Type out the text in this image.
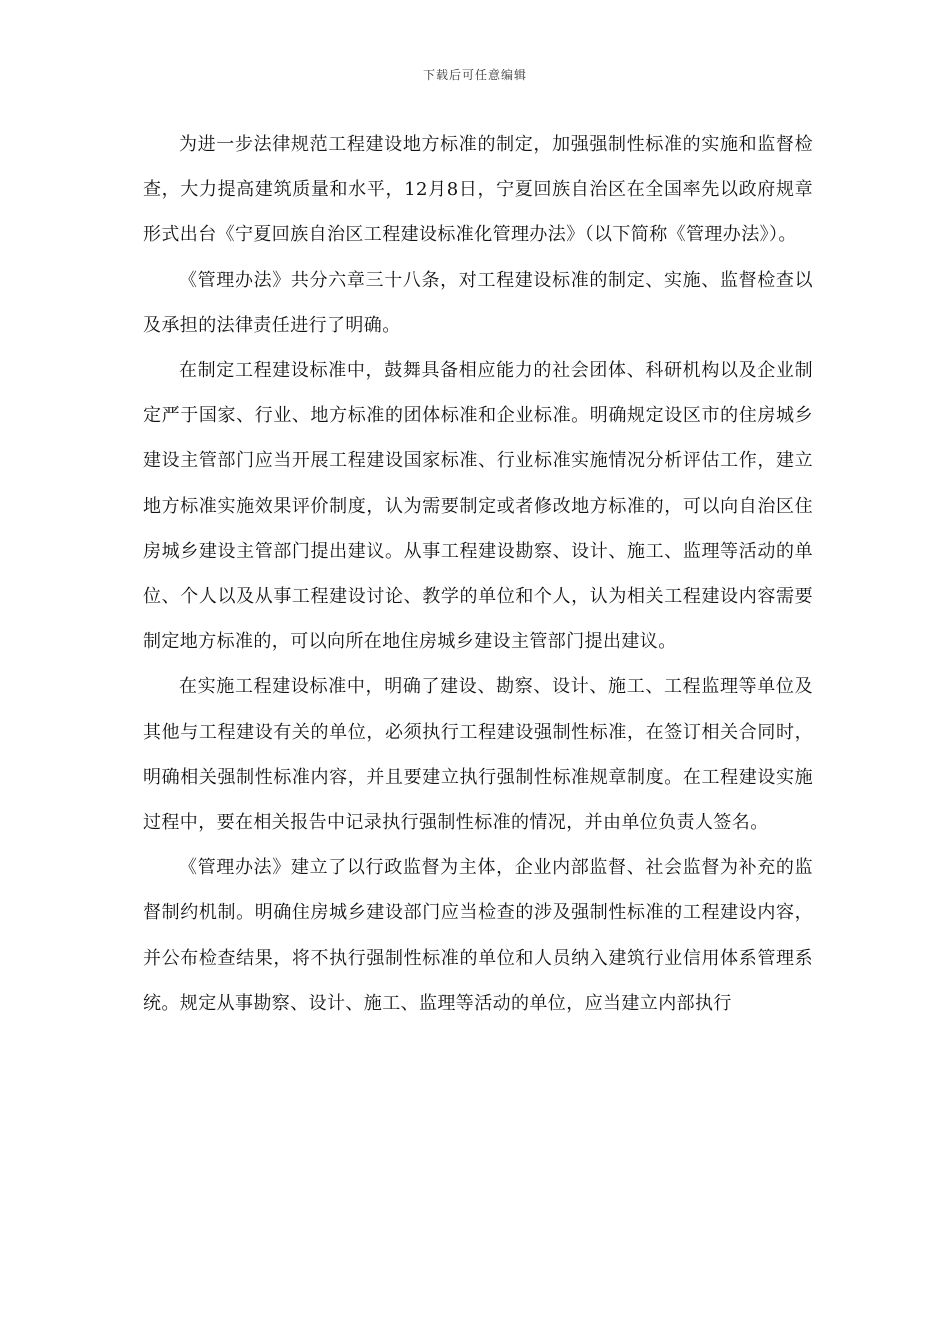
下载后可任意编辑

为进一步法律规范工程建设地方标准的制定，加强强制性标准的实施和监督检查，大力提高建筑质量和水平，12月8日，宁夏回族自治区在全国率先以政府规章形式出台《宁夏回族自治区工程建设标准化管理办法》（以下简称《管理办法》）。

《管理办法》共分六章三十八条，对工程建设标准的制定、实施、监督检查以及承担的法律责任进行了明确。

在制定工程建设标准中，鼓舞具备相应能力的社会团体、科研机构以及企业制定严于国家、行业、地方标准的团体标准和企业标准。明确规定设区市的住房城乡建设主管部门应当开展工程建设国家标准、行业标准实施情况分析评估工作，建立地方标准实施效果评价制度，认为需要制定或者修改地方标准的，可以向自治区住房城乡建设主管部门提出建议。从事工程建设勘察、设计、施工、监理等活动的单位、个人以及从事工程建设讨论、教学的单位和个人，认为相关工程建设内容需要制定地方标准的，可以向所在地住房城乡建设主管部门提出建议。

在实施工程建设标准中，明确了建设、勘察、设计、施工、工程监理等单位及其他与工程建设有关的单位，必须执行工程建设强制性标准，在签订相关合同时，明确相关强制性标准内容，并且要建立执行强制性标准规章制度。在工程建设实施过程中，要在相关报告中记录执行强制性标准的情况，并由单位负责人签名。

《管理办法》建立了以行政监督为主体，企业内部监督、社会监督为补充的监督制约机制。明确住房城乡建设部门应当检查的涉及强制性标准的工程建设内容，并公布检查结果，将不执行强制性标准的单位和人员纳入建筑行业信用体系管理系统。规定从事勘察、设计、施工、监理等活动的单位，应当建立内部执行
